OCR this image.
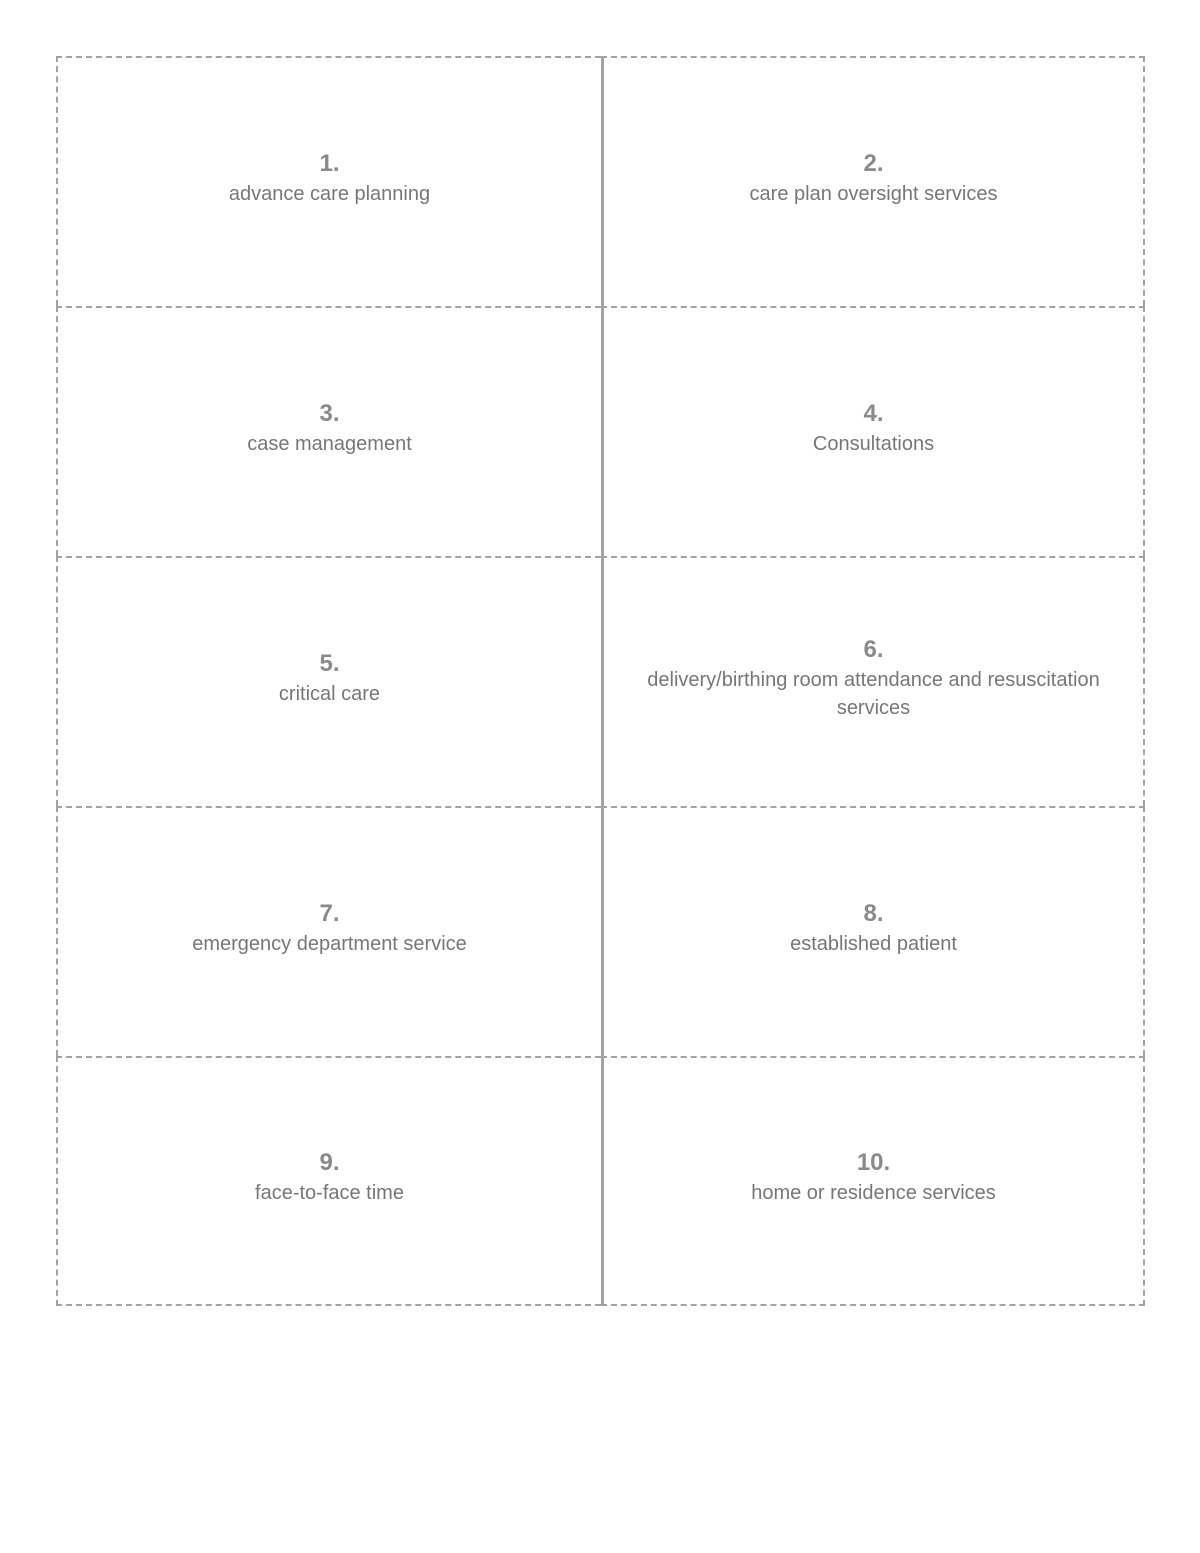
1.
advance care planning
2.
care plan oversight services
3.
case management
4.
Consultations
5.
critical care
6.
delivery/birthing room attendance and resuscitation services
7.
emergency department service
8.
established patient
9.
face-to-face time
10.
home or residence services
